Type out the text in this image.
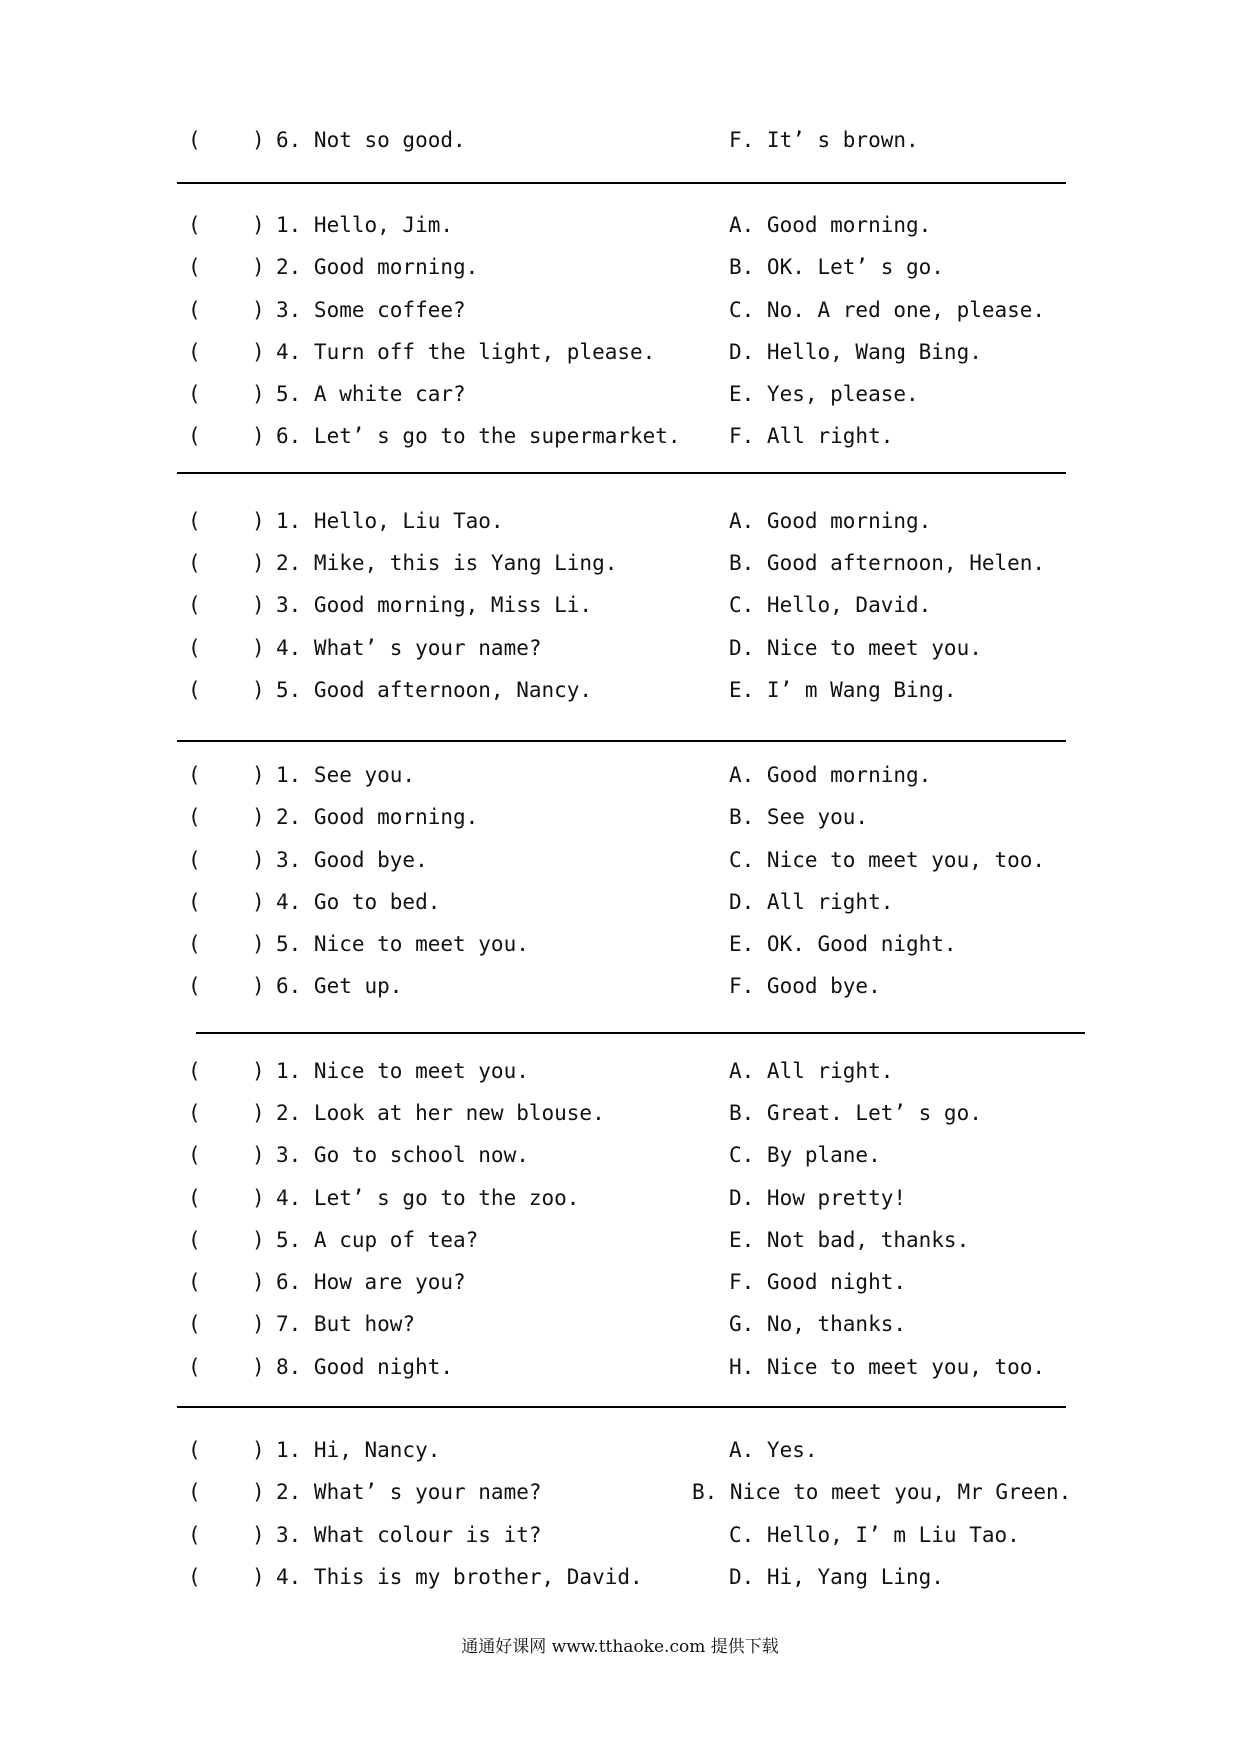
( ) 6. Not so good.	F. It’ s brown.
( ) 1. Hello, Jim.	A. Good morning.
( ) 2. Good morning.	B. OK. Let’ s go.
( ) 3. Some coffee?	C. No. A red one, please.
( ) 4. Turn off the light, please.	D. Hello, Wang Bing.
( ) 5. A white car?	E. Yes, please.
( ) 6. Let’ s go to the supermarket. F. All right.
( ) 1. Hello, Liu Tao.	A. Good morning.
( ) 2. Mike, this is Yang Ling.	B. Good afternoon, Helen.
( ) 3. Good morning, Miss Li.	C. Hello, David.
( ) 4. What’ s your name?	D. Nice to meet you.
( ) 5. Good afternoon, Nancy.	E. I’ m Wang Bing.
( ) 1. See you.	A. Good morning.
( ) 2. Good morning.	B. See you.
( ) 3. Good bye.	C. Nice to meet you, too.
( ) 4. Go to bed.	D. All right.
( ) 5. Nice to meet you.	E. OK. Good night.
( ) 6. Get up.	F. Good bye.
( ) 1. Nice to meet you.	A. All right.
( ) 2. Look at her new blouse.	B. Great. Let’ s go.
( ) 3. Go to school now.	C. By plane.
( ) 4. Let’ s go to the zoo.	D. How pretty!
( ) 5. A cup of tea?	E. Not bad, thanks.
( ) 6. How are you?	F. Good night.
( ) 7. But how?	G. No, thanks.
( ) 8. Good night.	H. Nice to meet you, too.
( ) 1. Hi, Nancy.	A. Yes.
( ) 2. What’ s your name?	B. Nice to meet you, Mr Green.
( ) 3. What colour is it?	C. Hello, I’ m Liu Tao.
( ) 4. This is my brother, David.	D. Hi, Yang Ling.
通通好课网 www.tthaoke.com 提供下载
